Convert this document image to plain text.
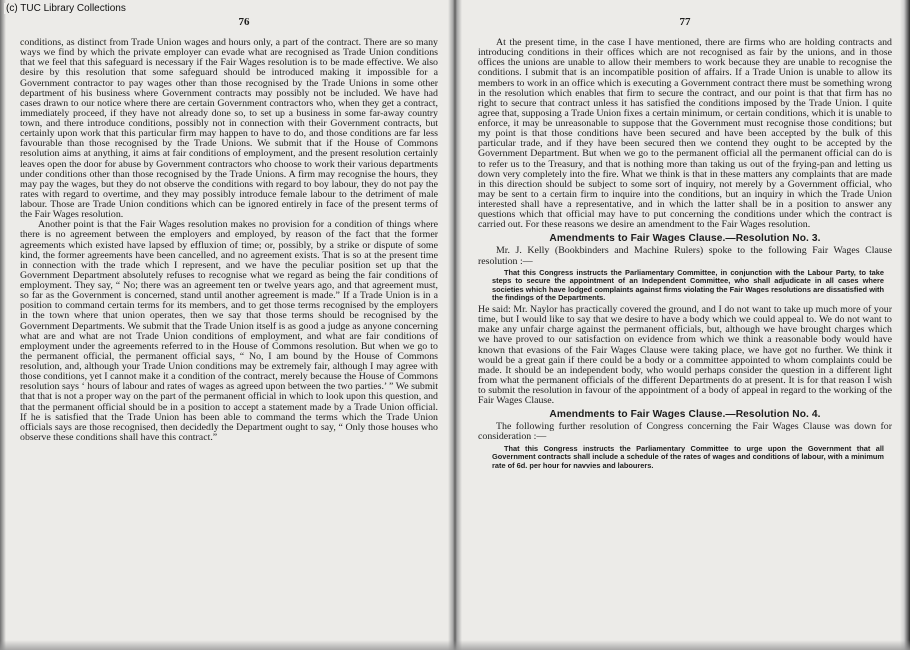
(c) TUC Library Collections
76

conditions, as distinct from Trade Union wages and hours only, a part of the contract. There are so many ways we find by which the private employer can evade what are recognised as Trade Union conditions that we feel that this safeguard is necessary if the Fair Wages resolution is to be made effective. We also desire by this resolution that some safeguard should be introduced making it impossible for a Government contractor to pay wages other than those recognised by the Trade Unions in some other department of his business where Government contracts may possibly not be included. We have had cases drawn to our notice where there are certain Government contractors who, when they get a contract, immediately proceed, if they have not already done so, to set up a business in some far-away country town, and there introduce conditions, possibly not in connection with their Government contracts, but certainly upon work that this particular firm may happen to have to do, and those conditions are far less favourable than those recognised by the Trade Unions. We submit that if the House of Commons resolution aims at anything, it aims at fair conditions of employment, and the present resolution certainly leaves open the door for abuse by Government contractors who choose to work their various departments under conditions other than those recognised by the Trade Unions. A firm may recognise the hours, they may pay the wages, but they do not observe the conditions with regard to boy labour, they do not pay the rates with regard to overtime, and they may possibly introduce female labour to the detriment of male labour. Those are Trade Union conditions which can be ignored entirely in face of the present terms of the Fair Wages resolution.

Another point is that the Fair Wages resolution makes no provision for a condition of things where there is no agreement between the employers and employed, by reason of the fact that the former agreements which existed have lapsed by effluxion of time; or, possibly, by a strike or dispute of some kind, the former agreements have been cancelled, and no agreement exists. That is so at the present time in connection with the trade which I represent, and we have the peculiar position set up that the Government Department absolutely refuses to recognise what we regard as being the fair conditions of employment. They say, “ No; there was an agreement ten or twelve years ago, and that agreement must, so far as the Government is concerned, stand until another agreement is made.” If a Trade Union is in a position to command certain terms for its members, and to get those terms recognised by the employers in the town where that union operates, then we say that those terms should be recognised by the Government Departments. We submit that the Trade Union itself is as good a judge as anyone concerning what are and what are not Trade Union conditions of employment, and what are fair conditions of employment under the agreements referred to in the House of Commons resolution. But when we go to the permanent official, the permanent official says, “ No, I am bound by the House of Commons resolution, and, although your Trade Union conditions may be extremely fair, although I may agree with those conditions, yet I cannot make it a condition of the contract, merely because the House of Commons resolution says ‘ hours of labour and rates of wages as agreed upon between the two parties.’ ” We submit that that is not a proper way on the part of the permanent official in which to look upon this question, and that the permanent official should be in a position to accept a statement made by a Trade Union official. If he is satisfied that the Trade Union has been able to command the terms which the Trade Union officials says are those recognised, then decidedly the Department ought to say, “ Only those houses who observe these conditions shall have this contract.”

77

At the present time, in the case I have mentioned, there are firms who are holding contracts and introducing conditions in their offices which are not recognised as fair by the unions, and in those offices the unions are unable to allow their members to work because they are unable to recognise the conditions. I submit that is an incompatible position of affairs. If a Trade Union is unable to allow its members to work in an office which is executing a Government contract there must be something wrong in the resolution which enables that firm to secure the contract, and our point is that that firm has no right to secure that contract unless it has satisfied the conditions imposed by the Trade Union. I quite agree that, supposing a Trade Union fixes a certain minimum, or certain conditions, which it is unable to enforce, it may be unreasonable to suppose that the Government must recognise those conditions; but my point is that those conditions have been secured and have been accepted by the bulk of this particular trade, and if they have been secured then we contend they ought to be accepted by the Government Department. But when we go to the permanent official all the permanent official can do is to refer us to the Treasury, and that is nothing more than taking us out of the frying-pan and letting us down very completely into the fire. What we think is that in these matters any complaints that are made in this direction should be subject to some sort of inquiry, not merely by a Government official, who may be sent to a certain firm to inquire into the conditions, but an inquiry in which the Trade Union interested shall have a representative, and in which the latter shall be in a position to answer any questions which that official may have to put concerning the conditions under which the contract is carried out. For these reasons we desire an amendment to the Fair Wages resolution.

Amendments to Fair Wages Clause.—Resolution No. 3.

Mr. J. Kelly (Bookbinders and Machine Rulers) spoke to the following Fair Wages Clause resolution :—

That this Congress instructs the Parliamentary Committee, in conjunction with the Labour Party, to take steps to secure the appointment of an Independent Committee, who shall adjudicate in all cases where societies which have lodged complaints against firms violating the Fair Wages resolutions are dissatisfied with the findings of the Departments.

He said: Mr. Naylor has practically covered the ground, and I do not want to take up much more of your time, but I would like to say that we desire to have a body which we could appeal to. We do not want to make any unfair charge against the permanent officials, but, although we have brought charges which we have proved to our satisfaction on evidence from which we think a reasonable body would have known that evasions of the Fair Wages Clause were taking place, we have got no further. We think it would be a great gain if there could be a body or a committee appointed to whom complaints could be made. It should be an independent body, who would perhaps consider the question in a different light from what the permanent officials of the different Departments do at present. It is for that reason I wish to submit the resolution in favour of the appointment of a body of appeal in regard to the working of the Fair Wages Clause.

Amendments to Fair Wages Clause.—Resolution No. 4.

The following further resolution of Congress concerning the Fair Wages Clause was down for consideration :—

That this Congress instructs the Parliamentary Committee to urge upon the Government that all Government contracts shall include a schedule of the rates of wages and conditions of labour, with a minimum rate of 6d. per hour for navvies and labourers.
